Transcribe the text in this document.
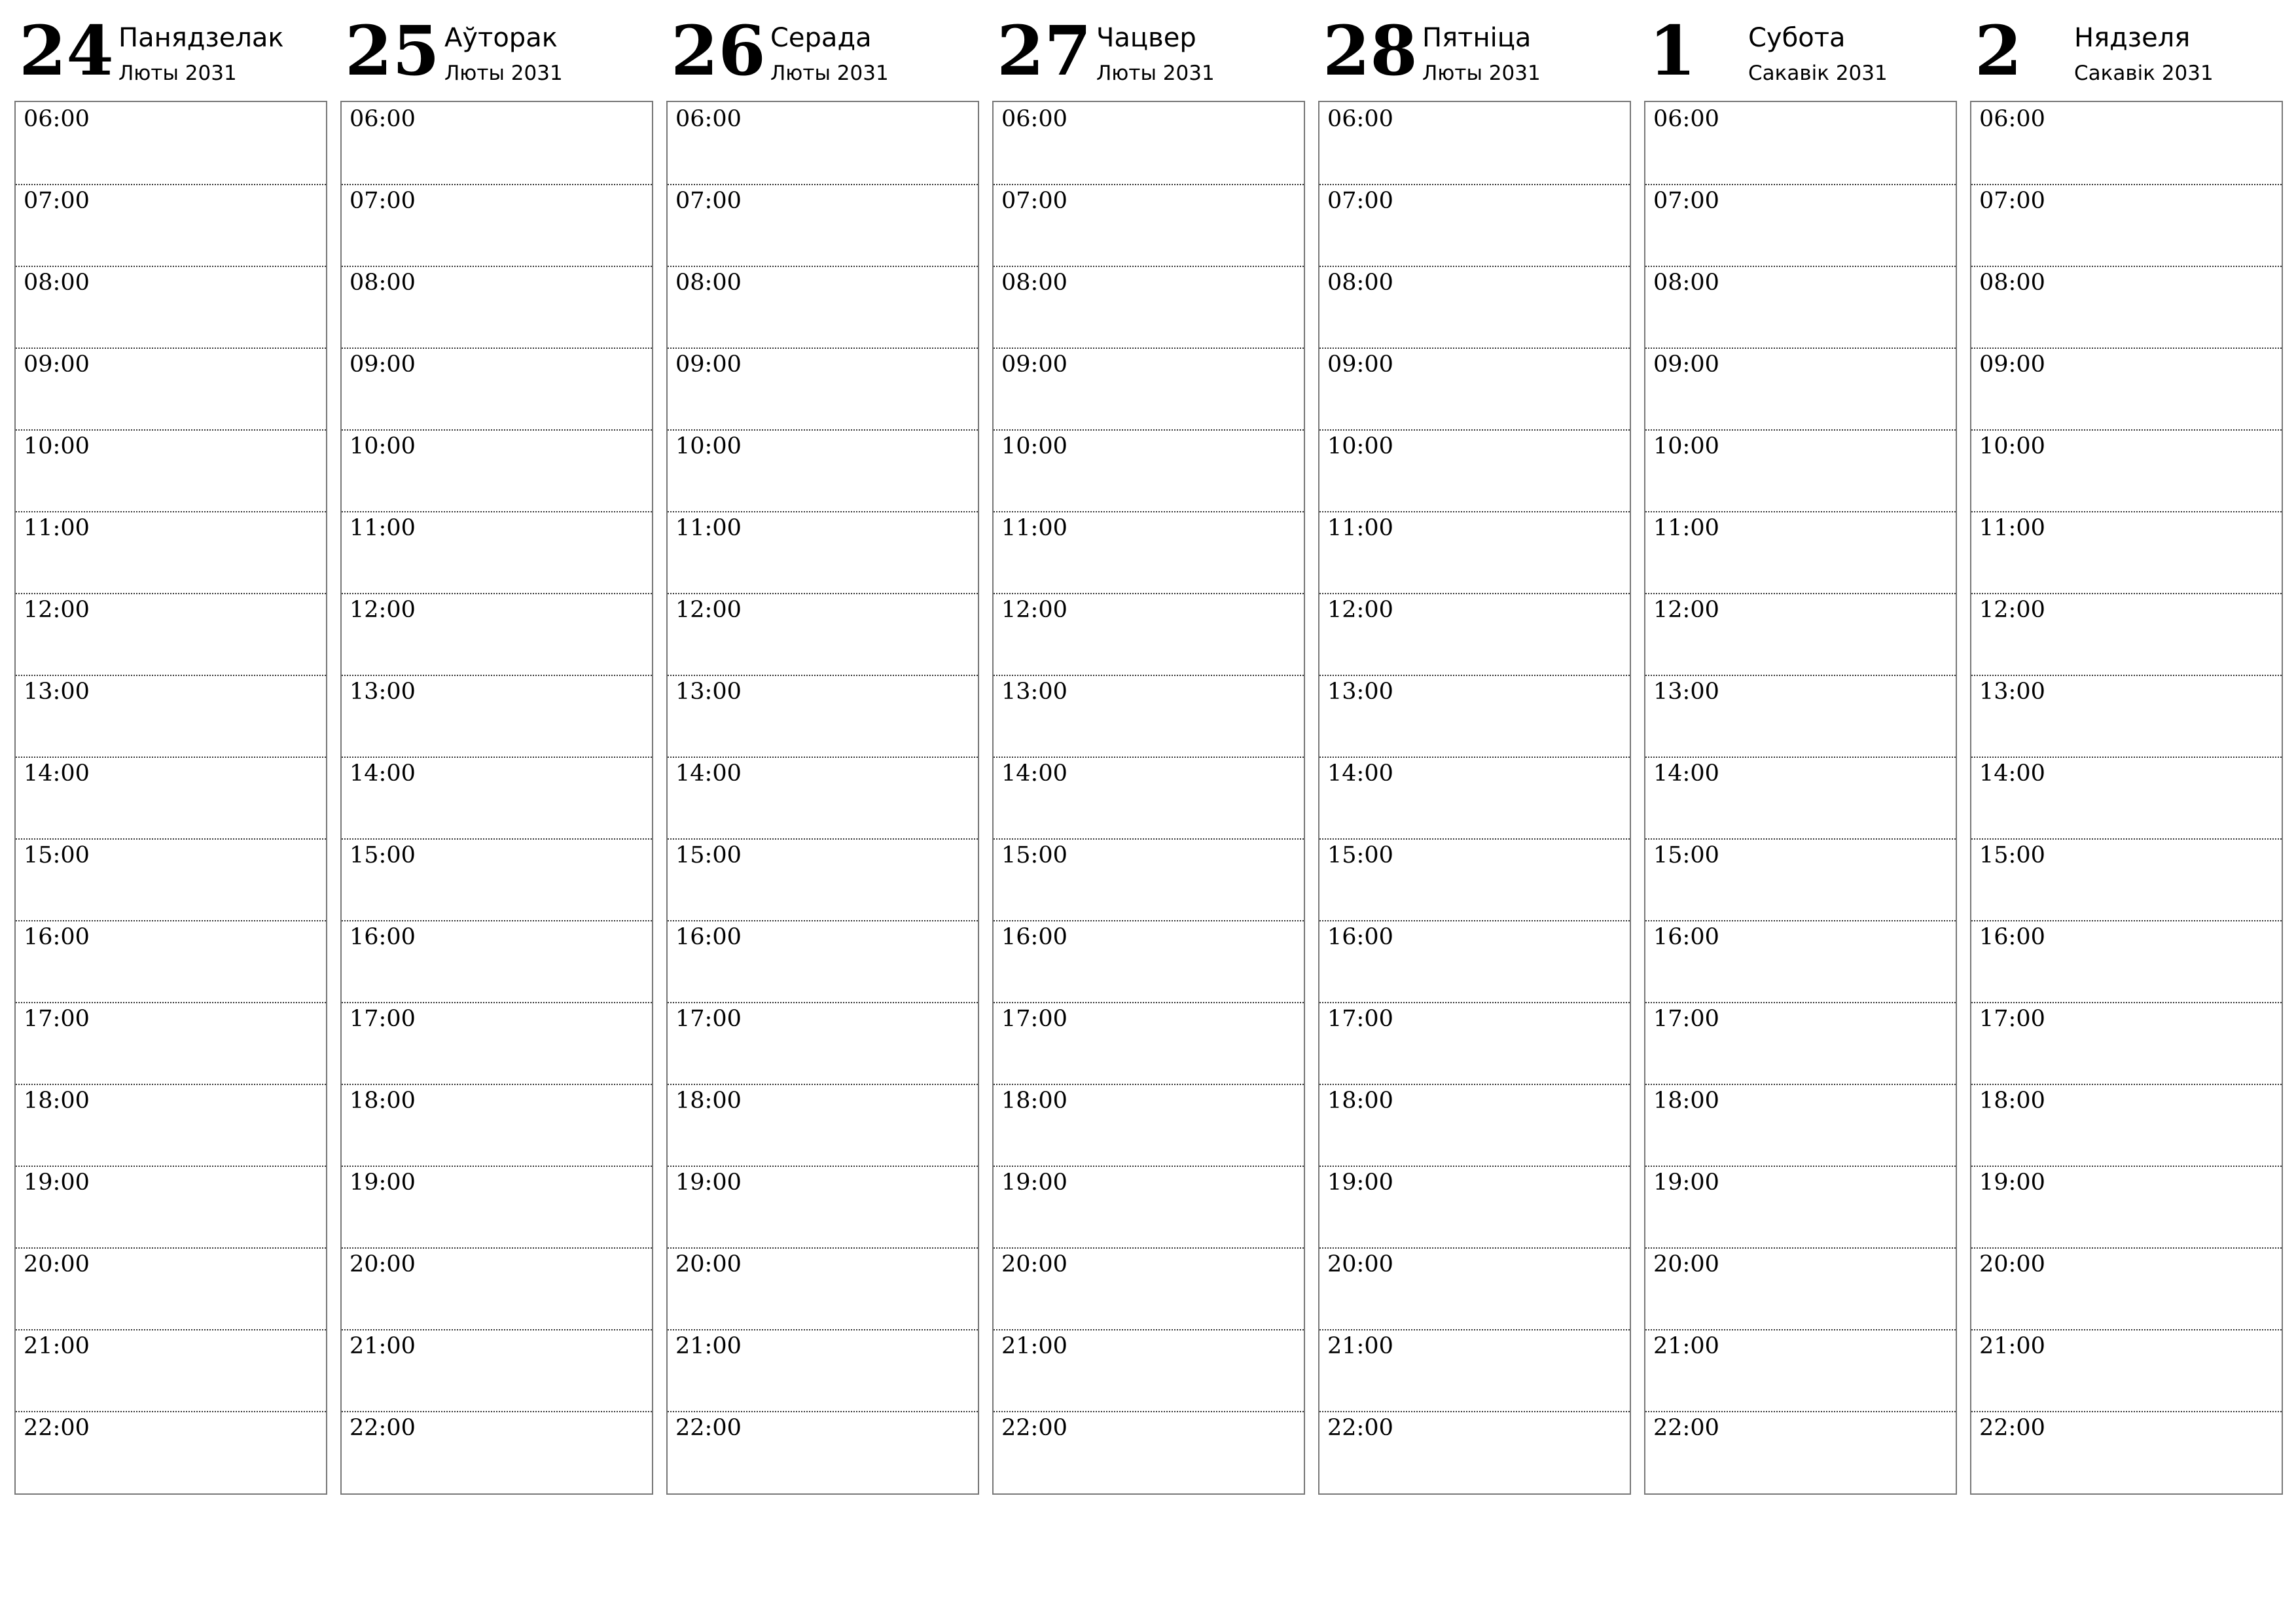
24 Панядзелак
Люты 2031
06:00
07:00
08:00
09:00
10:00
11:00
12:00
13:00
14:00
15:00
16:00
17:00
18:00
19:00
20:00
21:00
22:00
25 Аўторак
Люты 2031
06:00
07:00
08:00
09:00
10:00
11:00
12:00
13:00
14:00
15:00
16:00
17:00
18:00
19:00
20:00
21:00
22:00
26 Серада
Люты 2031
06:00
07:00
08:00
09:00
10:00
11:00
12:00
13:00
14:00
15:00
16:00
17:00
18:00
19:00
20:00
21:00
22:00
27 Чацвер
Люты 2031
06:00
07:00
08:00
09:00
10:00
11:00
12:00
13:00
14:00
15:00
16:00
17:00
18:00
19:00
20:00
21:00
22:00
28 Пятніца
Люты 2031
06:00
07:00
08:00
09:00
10:00
11:00
12:00
13:00
14:00
15:00
16:00
17:00
18:00
19:00
20:00
21:00
22:00
1 Субота
Сакавік 2031
06:00
07:00
08:00
09:00
10:00
11:00
12:00
13:00
14:00
15:00
16:00
17:00
18:00
19:00
20:00
21:00
22:00
2 Нядзеля
Сакавік 2031
06:00
07:00
08:00
09:00
10:00
11:00
12:00
13:00
14:00
15:00
16:00
17:00
18:00
19:00
20:00
21:00
22:00
